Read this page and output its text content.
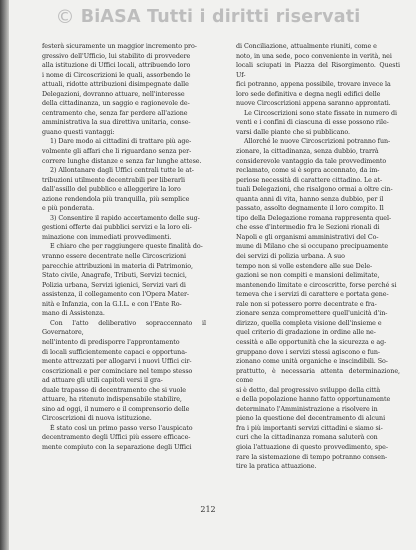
© BiASA Tutti i diritti riservati

festerà sicuramente un maggior incremento pro-

gressivo dell'Ufficio, lui stabilito di provvedere

alla istituzione di Uffici locali, attribuendo loro

i nome di Circoscrizioni le quali, assorbendo le

attuali, ridotte attribuzioni disimpegnate dalle

Delegazioni, dovranno attuare, nell'interesse

della cittadinanza, un saggio e ragionevole de-

centramento che, senza far perdere all'azione

amministrativa la sua direttiva unitaria, conse-

guano questi vantaggi:

1) Dare modo ai cittadini di trattare più age-

volmente gli affari che li riguardano senza per-

correre lunghe distanze e senza far lunghe attese.

2) Allontanare dagli Uffici centrali tutte le at-

tribuzioni utilmente decentrabili per liberarli

dall'assillo del pubblico e alleggerire la loro

azione rendendola più tranquilla, più semplice

e più ponderata.

3) Consentire il rapido accertamento delle sug-

gestioni offerte dai pubblici servizi e la loro eli-

minazione con immediati provvedimenti.

E chiaro che per raggiungere queste finalità do-

vranno essere decentrate nelle Circoscrizioni

parecchie attribuzioni in materia di Patrimonio,

Stato civile, Anagrafe, Tributi, Servizi tecnici,

Polizia urbana, Servizi igienici, Servizi vari di

assistenza, il collegamento con l'Opera Mater-

nità e Infanzia, con la G.I.L. e con l'Ente Ro-

mano di Assistenza.

Con l'atto deliberativo sopraccennato il Governatore,

nell'intento di predisporre l'approntamento

di locali sufficientemente capaci e opportuna-

mente attrezzati per allogarvi i nuovi Uffici cir-

coscrizionali e per cominciare nel tempo stesso

ad attuare gli utili capitoli versi il gra-

duale trapasso di decentramento che si vuole

attuare, ha ritenuto indispensabile stabilire,

sino ad oggi, il numero e il comprensorio delle

Circoscrizioni di nuova istituzione.

È stato così un primo passo verso l'auspicato

decentramento degli Uffici più essere efficace-

mente compiuto con la separazione degli Uffici

di Conciliazione, attualmente riuniti, come e

noto, in una sede, poco conveniente in verità, nei

locali sciupati in Piazza del Risorgimento. Questi Uf-

fici potranno, appena possibile, trovare invece la

loro sede definitiva e degna negli edifici delle

nuove Circoscrizioni appena saranno approntati.

Le Circoscrizioni sono state fissate in numero di

venti e i confini di ciascuna di esse possono rile-

varsi dalle piante che si pubblicano.

Allorché le nuove Circoscrizioni potranno fun-

zionare, la cittadinanza, senza dubbio, trarrà

considerevole vantaggio da tale provvedimento

reclamato, come si è sopra accennato, da im-

periose necessità di carattere cittadino. Le at-

tuali Delegazioni, che risalgono ormai a oltre cin-

quanta anni di vita, hanno senza dubbio, per il

passato, assolto degnamente il loro compito. Il

tipo della Delegazione romana rappresenta quel-

che esse d'intermedio fra le Sezioni rionali di

Napoli e gli organismi amministrativi del Co-

mune di Milano che si occupano precipuamente

dei servizi di polizia urbana. A suo

tempo non si volle estendere alle sue Dele-

gazioni se non compiti e mansioni delimitate,

mantenendo limitate e circoscritte, forse perché si

temeva che i servizi di carattere e portata gene-

rale non si potessero porre decentrate e fra-

zionare senza compromettere quell'unicità d'in-

dirizzo, quella completa visione dell'insieme e

quel criterio di gradazione in ordine alle ne-

cessità e alle opportunità che la sicurezza e ag-

gruppano dove i servizi stessi agiscono e fun-

zionano come unità organiche e inscindibili. So-

prattutto, è necessaria attenta determinazione, come

si è detto, dal progressivo sviluppo della città

e della popolazione hanno fatto opportunamente

determinato l'Amministrazione a risolvere in

pieno la questione del decentramento di alcuni

fra i più importanti servizi cittadini e siamo si-

curi che la cittadinanza romana saluterà con

gioia l'attuazione di questo provvedimento, spe-

rare la sistemazione di tempo potranno consen-

tire la pratica attuazione.

212
